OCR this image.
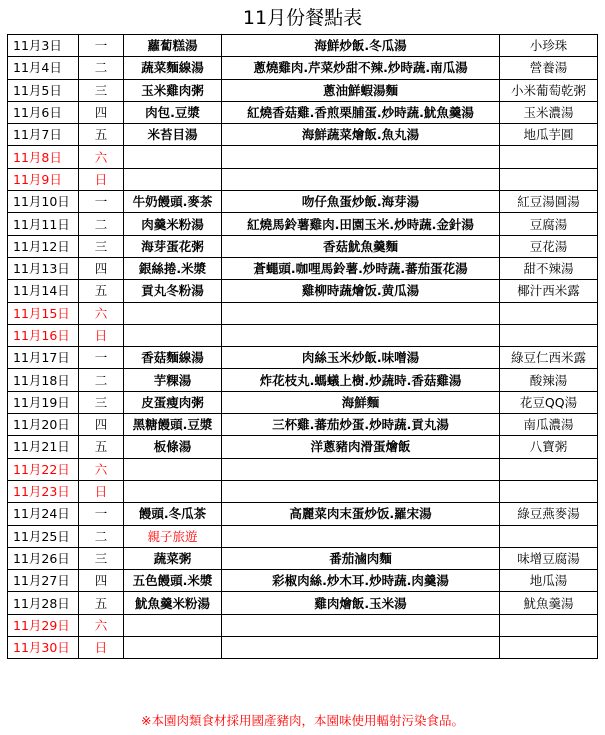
11月份餐點表
11月3日	一	蘿蔔糕湯	海鮮炒飯.冬瓜湯	小珍珠
11月4日	二	蔬菜麵線湯	蔥燒雞肉.芹菜炒甜不辣.炒時蔬.南瓜湯	營養湯
11月5日	三	玉米雞肉粥	蔥油鮮蝦湯麵	小米葡萄乾粥
11月6日	四	肉包.豆漿	紅燒香菇雞.香煎栗脯蛋.炒時蔬.魷魚羹湯	玉米濃湯
11月7日	五	米苔目湯	海鮮蔬菜燴飯.魚丸湯	地瓜芋圓
11月8日	六			
11月9日	日			
11月10日	一	牛奶饅頭.麥茶	吻仔魚蛋炒飯.海芽湯	紅豆湯圓湯
11月11日	二	肉羹米粉湯	紅燒馬鈴薯雞肉.田園玉米.炒時蔬.金針湯	豆腐湯
11月12日	三	海芽蛋花粥	香菇魷魚羹麵	豆花湯
11月13日	四	銀絲捲.米漿	蒼蠅頭.咖哩馬鈴薯.炒時蔬.蕃茄蛋花湯	甜不辣湯
11月14日	五	貢丸冬粉湯	雞柳時蔬燴饭.黄瓜湯	椰汁西米露
11月15日	六			
11月16日	日			
11月17日	一	香菇麵線湯	肉絲玉米炒飯.味噌湯	綠豆仁西米露
11月18日	二	芋粿湯	炸花枝丸.螞蟻上樹.炒蔬時.香菇雞湯	酸辣湯
11月19日	三	皮蛋瘦肉粥	海鮮麵	花豆QQ湯
11月20日	四	黑糖饅頭.豆漿	三杯雞.蕃茄炒蛋.炒時蔬.貢丸湯	南瓜濃湯
11月21日	五	板條湯	洋蔥豬肉滑蛋燴飯	八寶粥
11月22日	六			
11月23日	日			
11月24日	一	饅頭.冬瓜茶	高麗菜肉末蛋炒饭.羅宋湯	綠豆燕麥湯
11月25日	二	親子旅遊		
11月26日	三	蔬菜粥	番茄滷肉麵	味增豆腐湯
11月27日	四	五色饅頭.米漿	彩椒肉絲.炒木耳.炒時蔬.肉羹湯	地瓜湯
11月28日	五	魷魚羹米粉湯	雞肉燴飯.玉米湯	魷魚羹湯
11月29日	六			
11月30日	日			
※本園肉類食材採用國產豬肉，本園味使用輻射污染食品。
